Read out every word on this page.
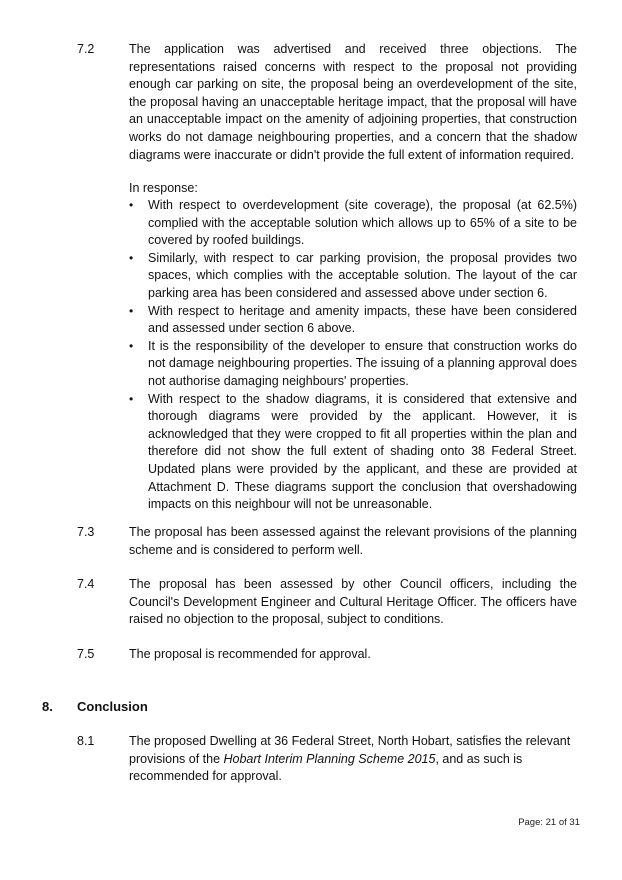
7.2	The application was advertised and received three objections. The representations raised concerns with respect to the proposal not providing enough car parking on site, the proposal being an overdevelopment of the site, the proposal having an unacceptable heritage impact, that the proposal will have an unacceptable impact on the amenity of adjoining properties, that construction works do not damage neighbouring properties, and a concern that the shadow diagrams were inaccurate or didn't provide the full extent of information required.

In response:

•	With respect to overdevelopment (site coverage), the proposal (at 62.5%) complied with the acceptable solution which allows up to 65% of a site to be covered by roofed buildings.
•	Similarly, with respect to car parking provision, the proposal provides two spaces, which complies with the acceptable solution. The layout of the car parking area has been considered and assessed above under section 6.
•	With respect to heritage and amenity impacts, these have been considered and assessed under section 6 above.
•	It is the responsibility of the developer to ensure that construction works do not damage neighbouring properties. The issuing of a planning approval does not authorise damaging neighbours' properties.
•	With respect to the shadow diagrams, it is considered that extensive and thorough diagrams were provided by the applicant. However, it is acknowledged that they were cropped to fit all properties within the plan and therefore did not show the full extent of shading onto 38 Federal Street. Updated plans were provided by the applicant, and these are provided at Attachment D. These diagrams support the conclusion that overshadowing impacts on this neighbour will not be unreasonable.
7.3	The proposal has been assessed against the relevant provisions of the planning scheme and is considered to perform well.

7.4	The proposal has been assessed by other Council officers, including the Council's Development Engineer and Cultural Heritage Officer. The officers have raised no objection to the proposal, subject to conditions.

7.5	The proposal is recommended for approval.

8. Conclusion
8.1	The proposed Dwelling at 36 Federal Street, North Hobart, satisfies the relevant provisions of the Hobart Interim Planning Scheme 2015, and as such is recommended for approval.

Page: 21 of 31
